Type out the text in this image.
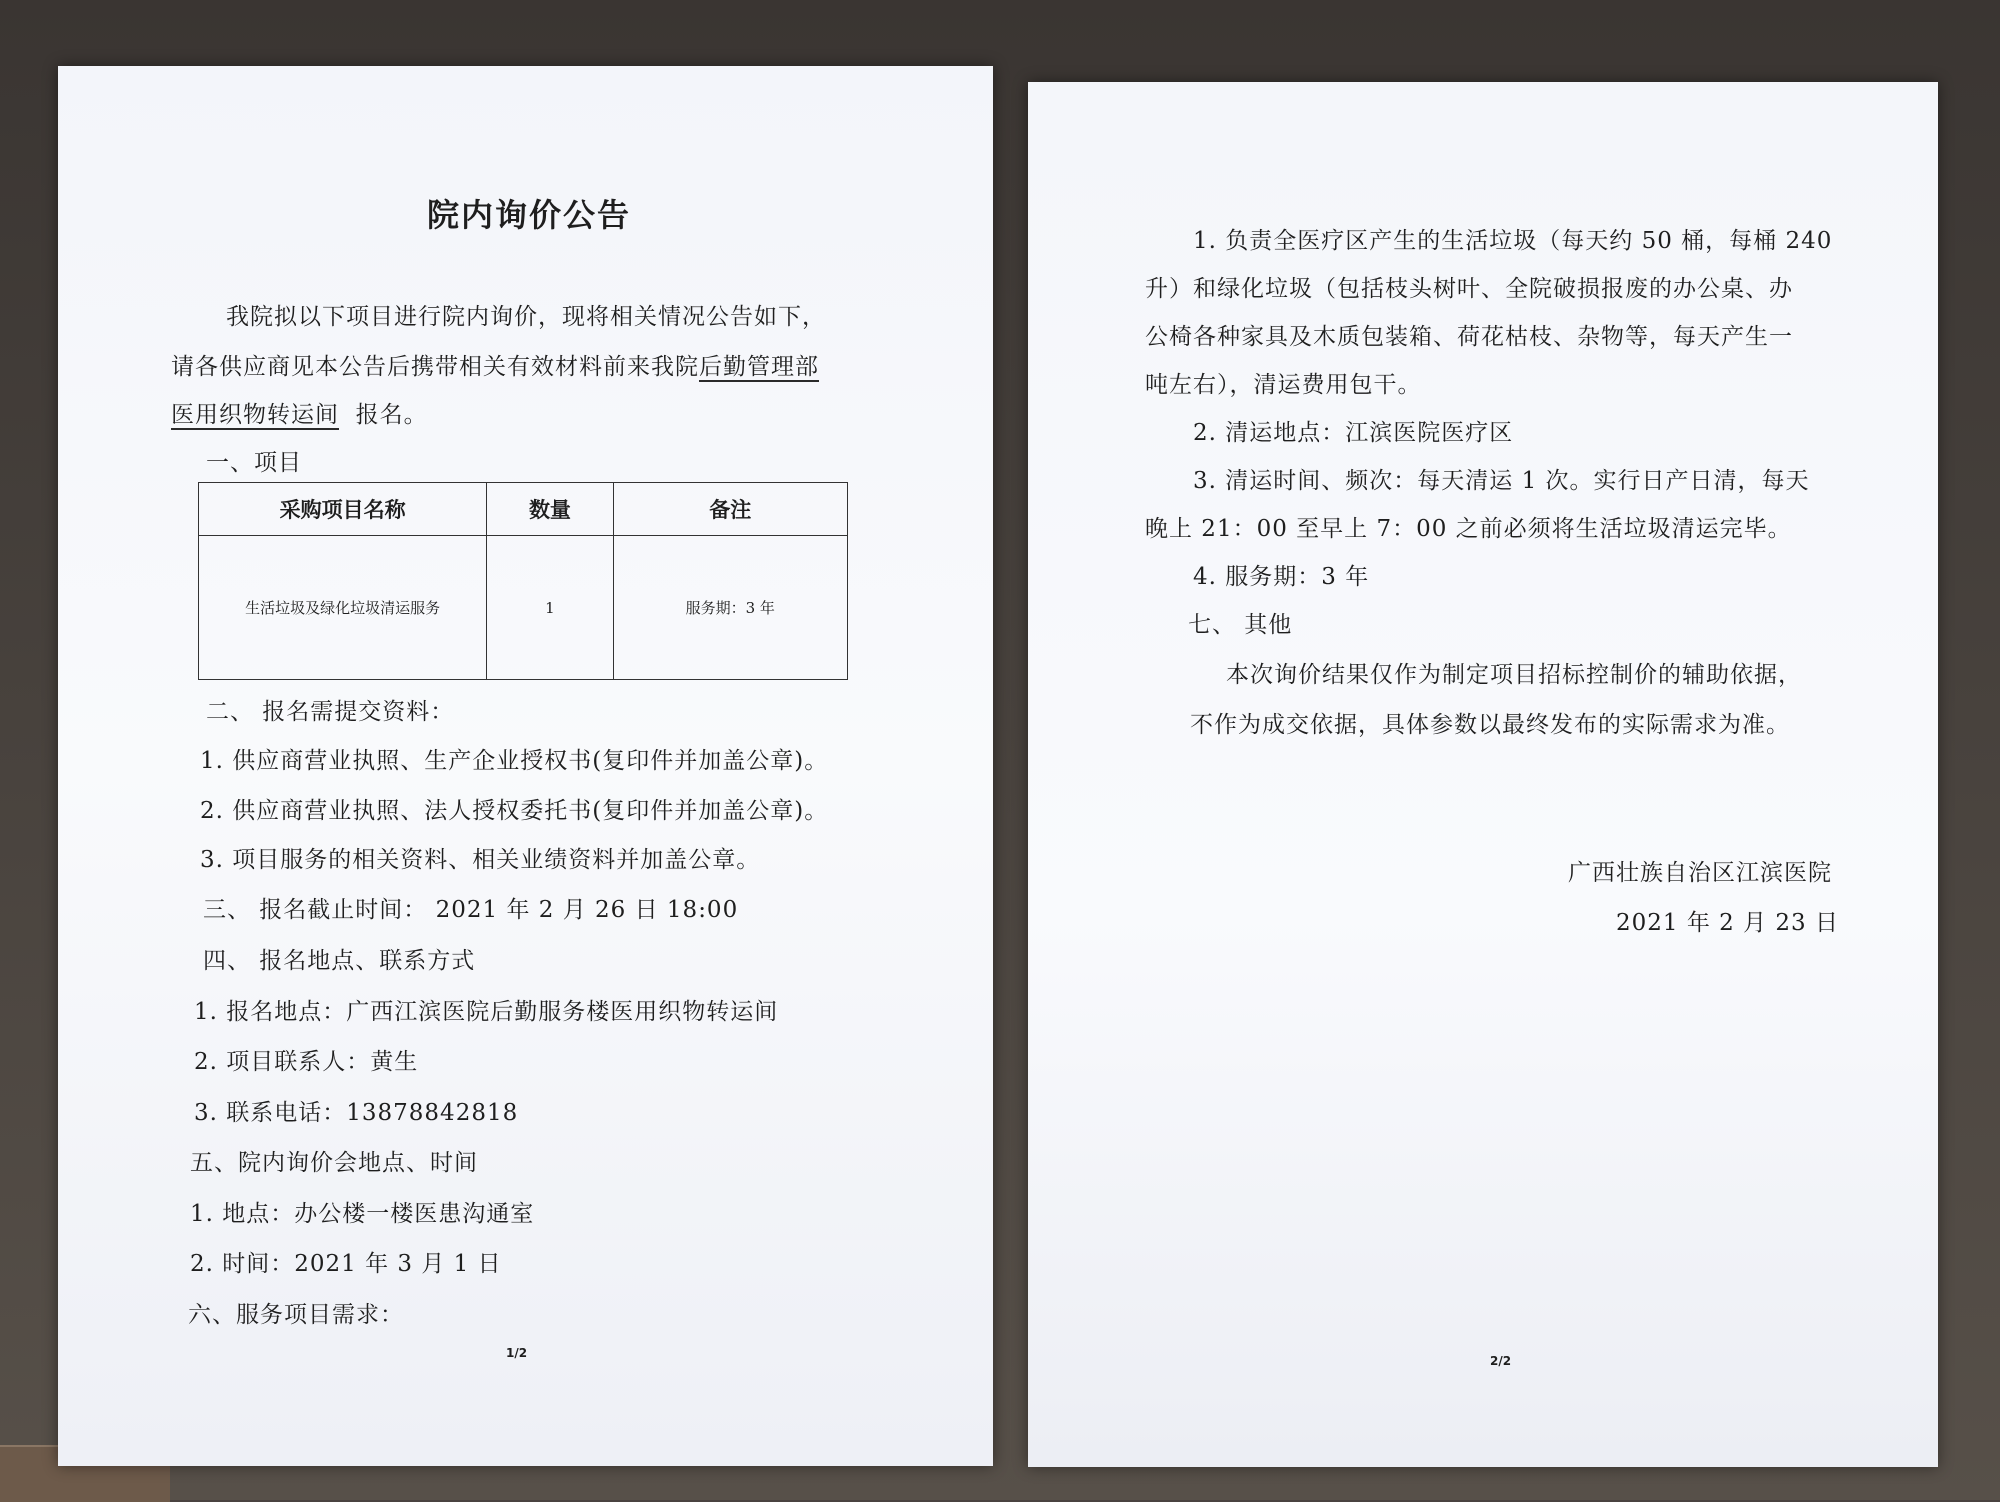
院内询价公告
我院拟以下项目进行院内询价，现将相关情况公告如下，
请各供应商见本公告后携带相关有效材料前来我院后勤管理部
医用织物转运间 报名。
一、项目
采购项目名称	数量	备注
生活垃圾及绿化垃圾清运服务	1	服务期：3 年
二、 报名需提交资料：
1. 供应商营业执照、生产企业授权书(复印件并加盖公章)。
2. 供应商营业执照、法人授权委托书(复印件并加盖公章)。
3. 项目服务的相关资料、相关业绩资料并加盖公章。
三、 报名截止时间： 2021 年 2 月 26 日 18:00
四、 报名地点、联系方式
1. 报名地点：广西江滨医院后勤服务楼医用织物转运间
2. 项目联系人：黄生
3. 联系电话：13878842818
五、院内询价会地点、时间
1. 地点：办公楼一楼医患沟通室
2. 时间：2021 年 3 月 1 日
六、服务项目需求：
1/2
1. 负责全医疗区产生的生活垃圾（每天约 50 桶，每桶 240
升）和绿化垃圾（包括枝头树叶、全院破损报废的办公桌、办
公椅各种家具及木质包装箱、荷花枯枝、杂物等，每天产生一
吨左右），清运费用包干。
2. 清运地点：江滨医院医疗区
3. 清运时间、频次：每天清运 1 次。实行日产日清，每天
晚上 21：00 至早上 7：00 之前必须将生活垃圾清运完毕。
4. 服务期：3 年
七、 其他
本次询价结果仅作为制定项目招标控制价的辅助依据，
不作为成交依据，具体参数以最终发布的实际需求为准。
广西壮族自治区江滨医院
2021 年 2 月 23 日
2/2
